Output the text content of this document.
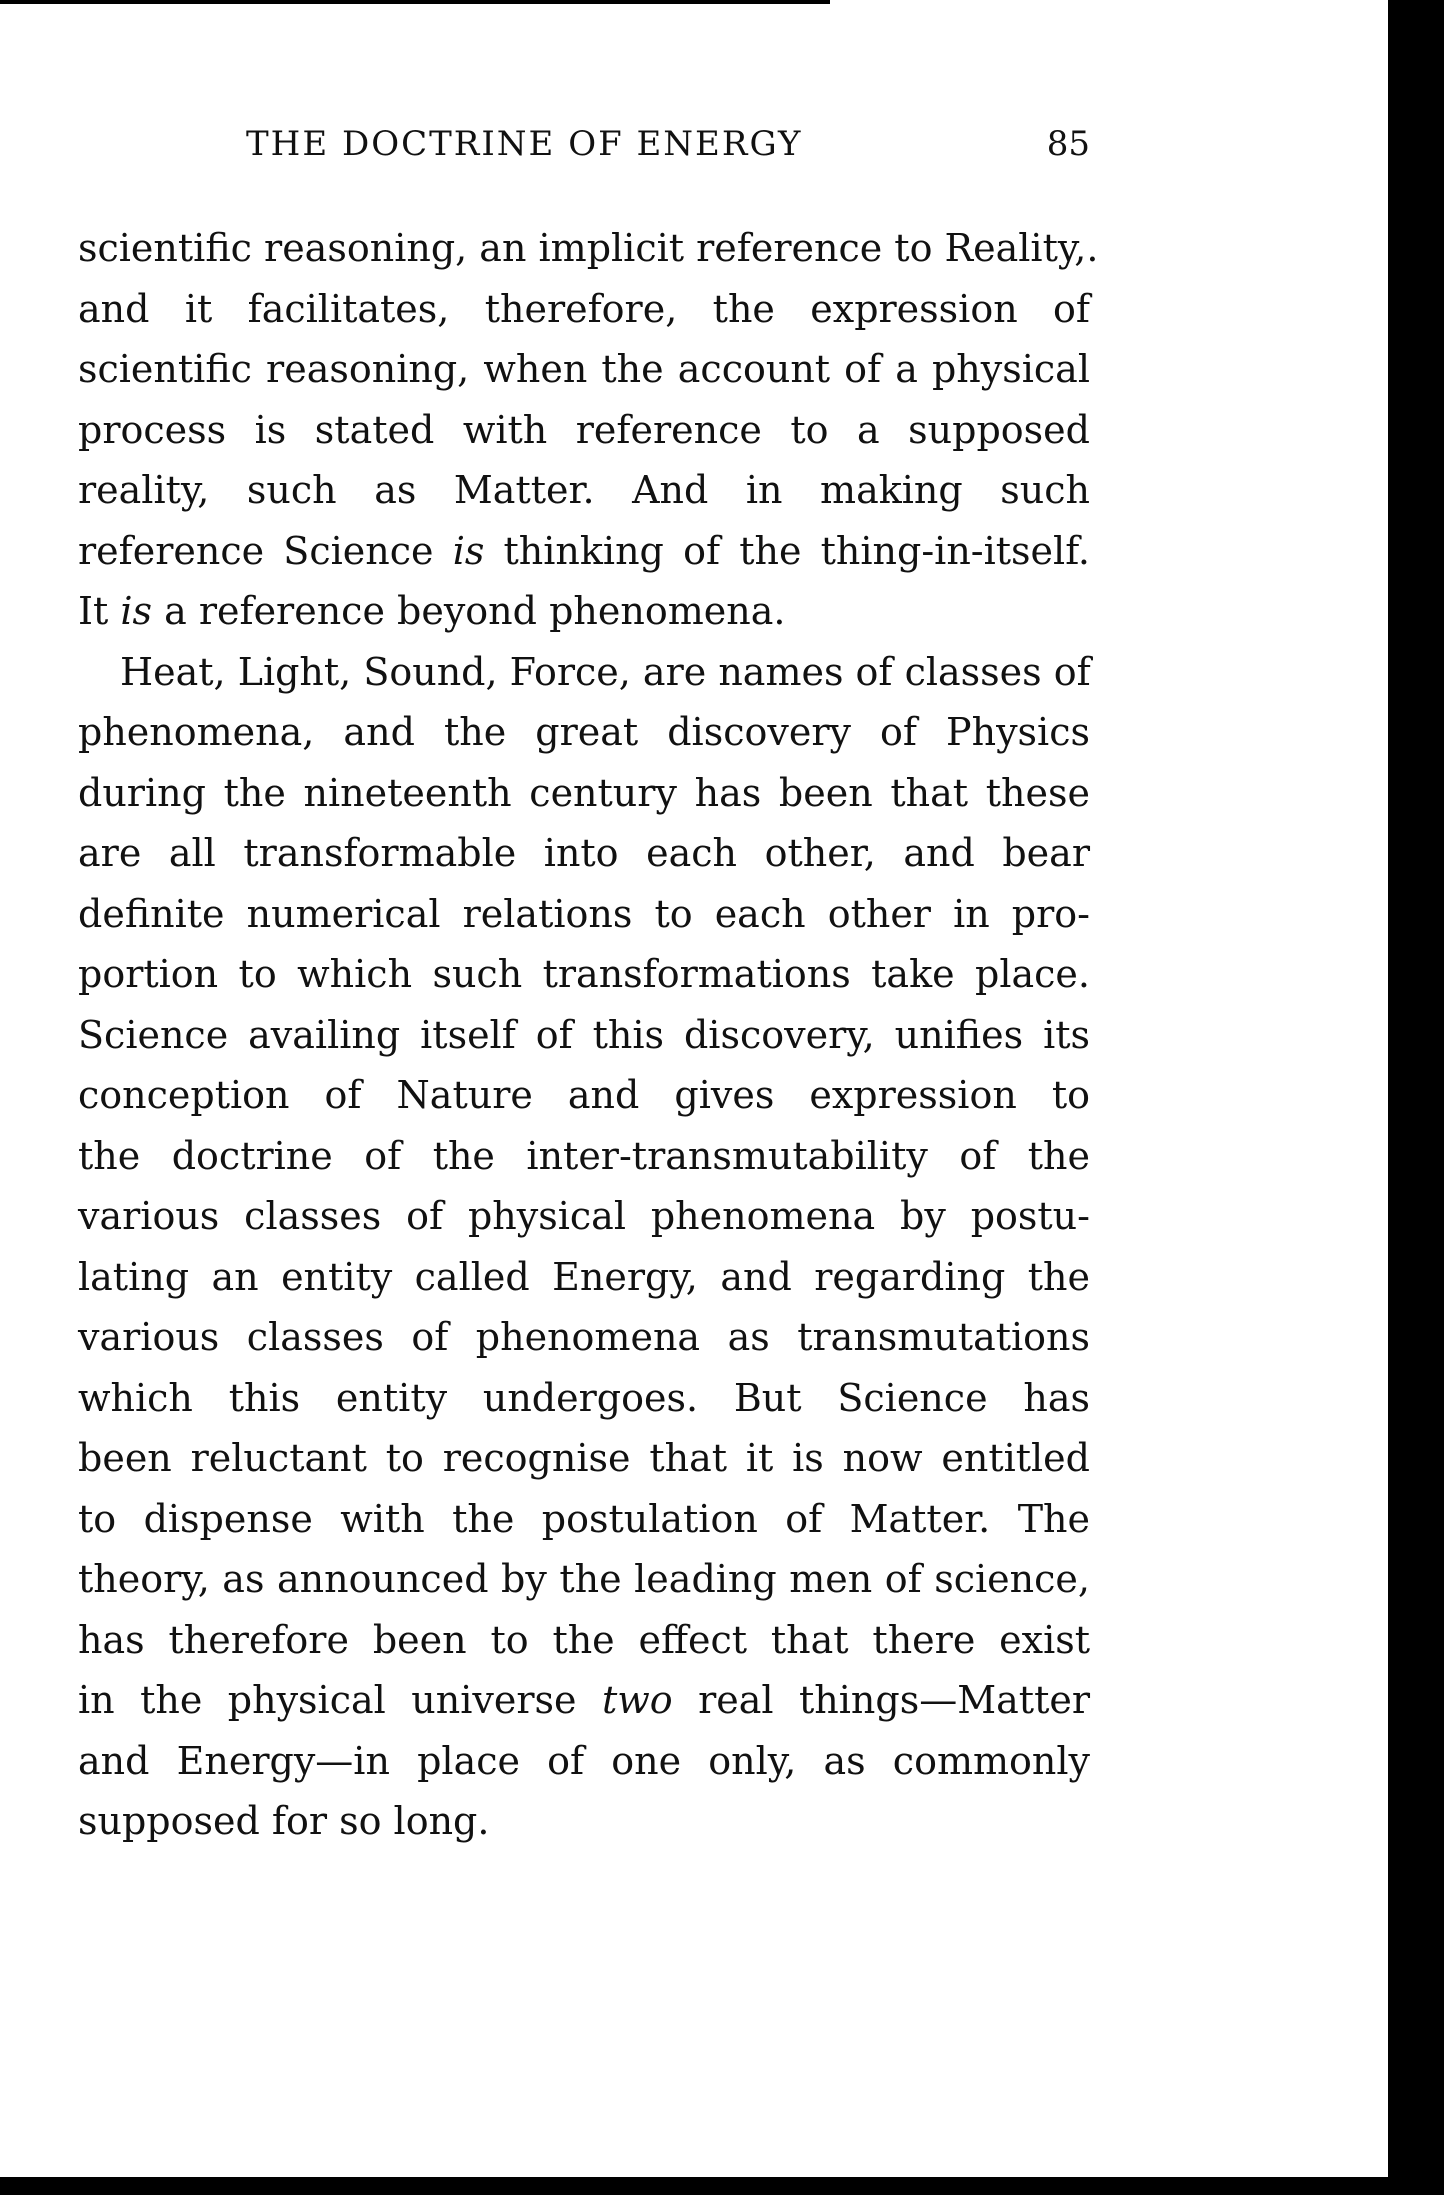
THE DOCTRINE OF ENERGY	85
scientific reasoning, an implicit reference to Reality,.
and it facilitates, therefore, the expression of
scientific reasoning, when the account of a physical
process is stated with reference to a supposed
reality, such as Matter. And in making such
reference Science is thinking of the thing-in-itself.
It is a reference beyond phenomena.
Heat, Light, Sound, Force, are names of classes of
phenomena, and the great discovery of Physics
during the nineteenth century has been that these
are all transformable into each other, and bear
definite numerical relations to each other in pro-
portion to which such transformations take place.
Science availing itself of this discovery, unifies its
conception of Nature and gives expression to
the doctrine of the inter-transmutability of the
various classes of physical phenomena by postu-
lating an entity called Energy, and regarding the
various classes of phenomena as transmutations
which this entity undergoes. But Science has
been reluctant to recognise that it is now entitled
to dispense with the postulation of Matter. The
theory, as announced by the leading men of science,
has therefore been to the effect that there exist
in the physical universe two real things—Matter
and Energy—in place of one only, as commonly
supposed for so long.
